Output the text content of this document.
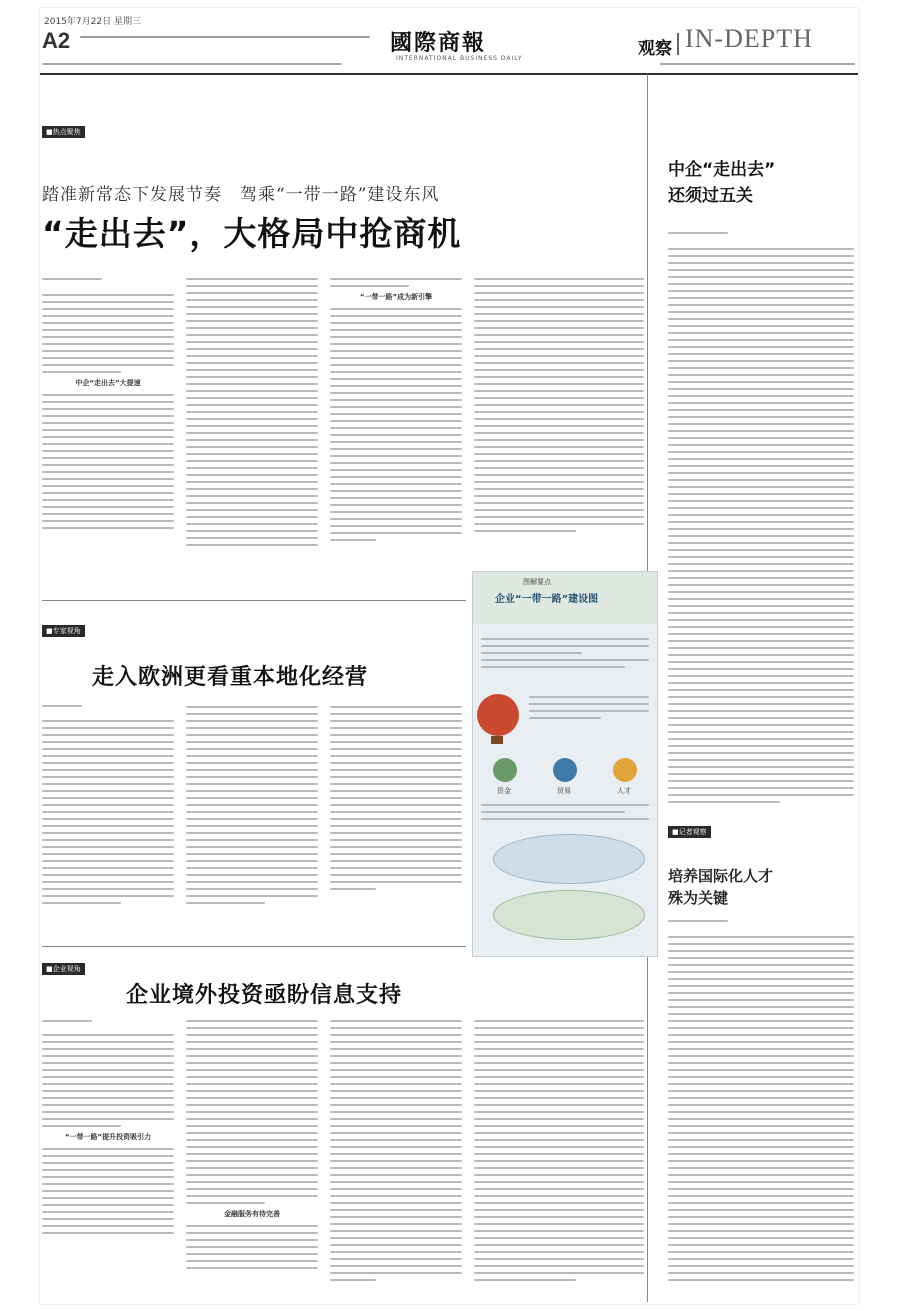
2015年7月22日 星期三
A2	國際商報
INTERNATIONAL BUSINESS DAILY	观察 IN-DEPTH
■热点聚焦
踏准新常态下发展节奏　驾乘“一带一路”建设东风
“走出去”，大格局中抢商机
中企“走出去”大提速
“一带一路”成为新引擎
■专家视角
走入欧洲更看重本地化经营
图解要点
企业“一带一路”建设图
资金	贸易	人才
■企业视角
企业境外投资亟盼信息支持
“一带一路”提升投资吸引力
金融服务有待完善
中企“走出去”
还须过五关
■记者观察
培养国际化人才
殊为关键
